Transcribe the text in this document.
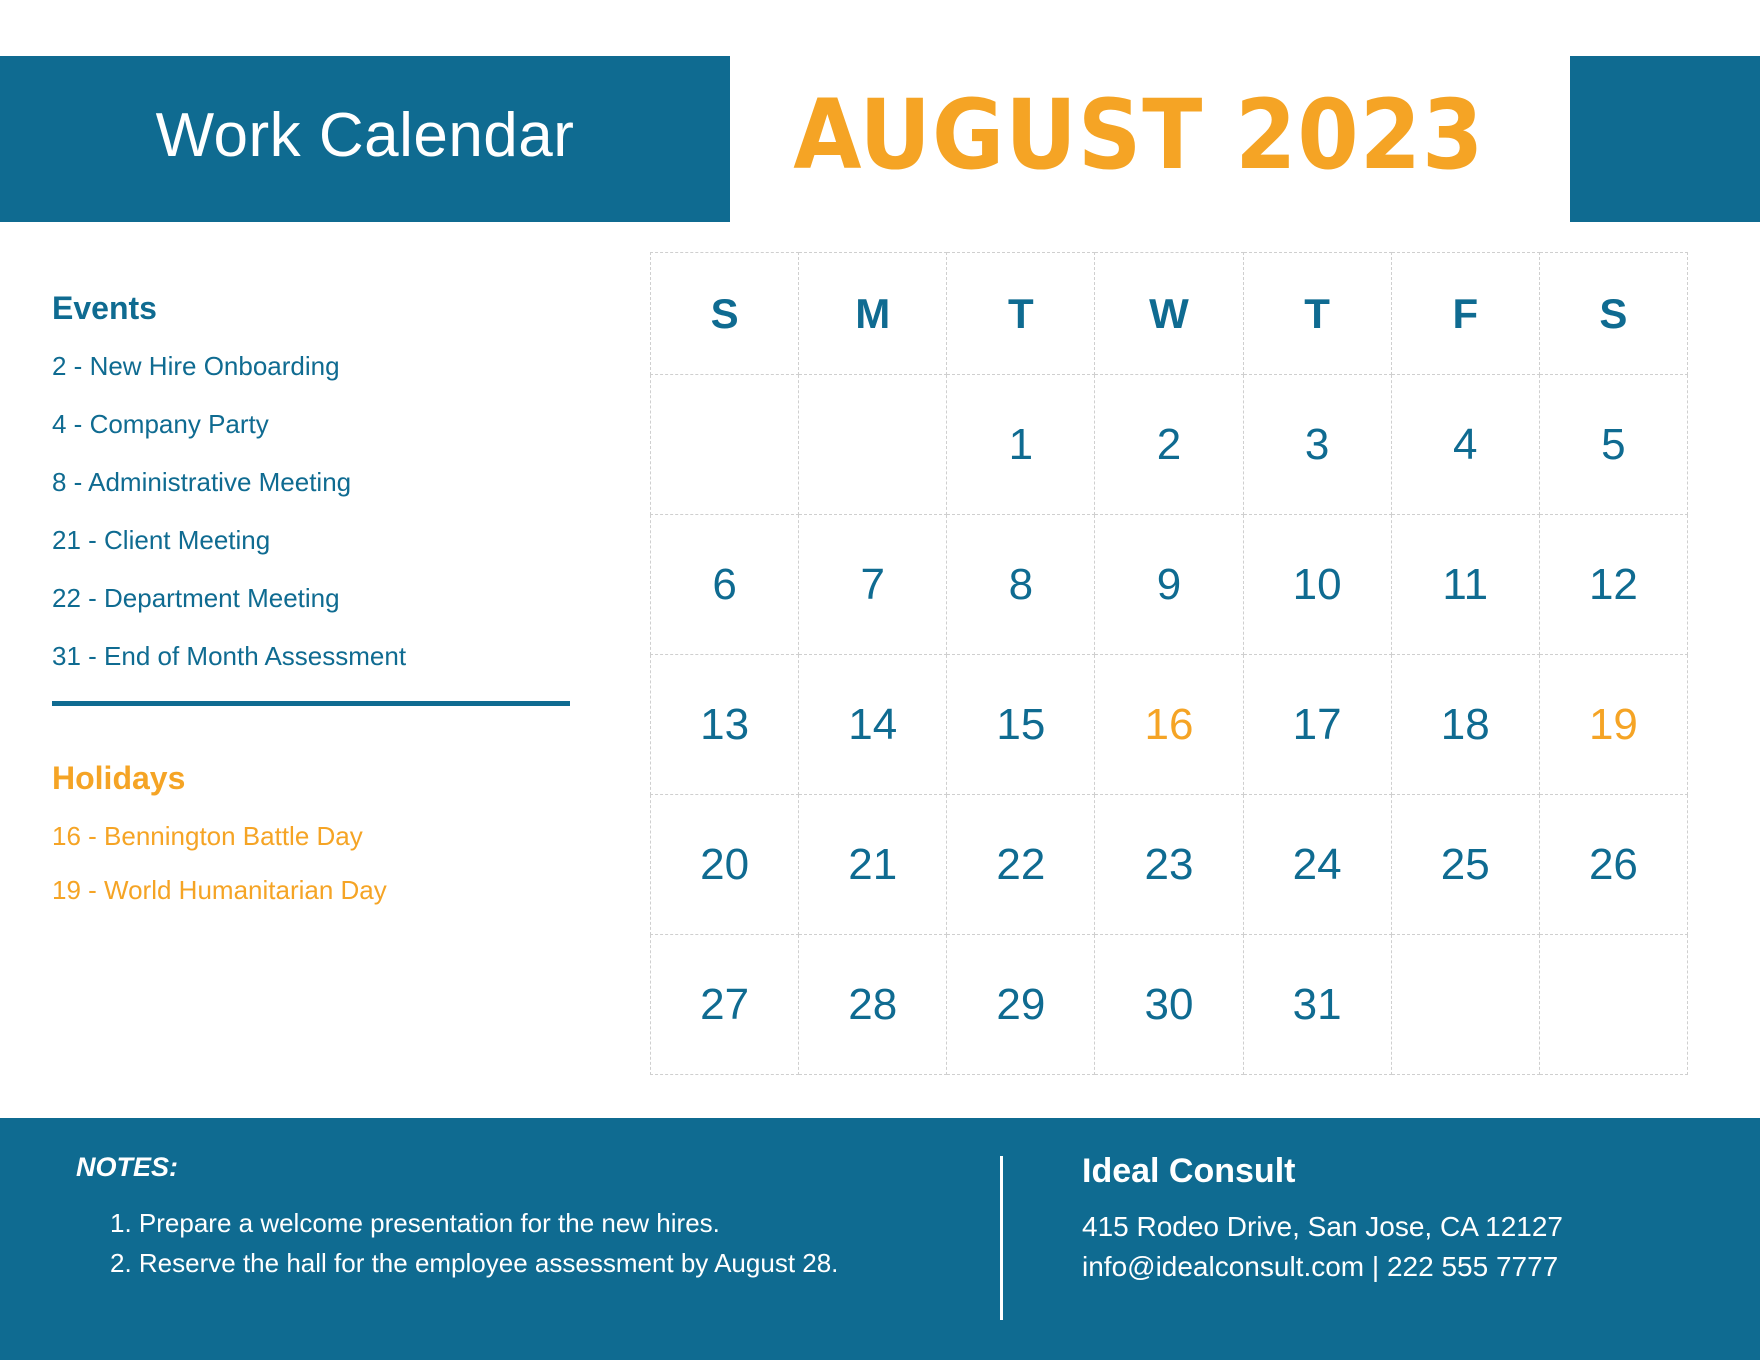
Work Calendar	AUGUST 2023
Events
2 - New Hire Onboarding
4 - Company Party
8 - Administrative Meeting
21 - Client Meeting
22 - Department Meeting
31 - End of Month Assessment
Holidays
16 - Bennington Battle Day
19 - World Humanitarian Day
S	M	T	W	T	F	S
		1	2	3	4	5
6	7	8	9	10	11	12
13	14	15	16	17	18	19
20	21	22	23	24	25	26
27	28	29	30	31		
NOTES:
1. Prepare a welcome presentation for the new hires.
2. Reserve the hall for the employee assessment by August 28.
Ideal Consult
415 Rodeo Drive, San Jose, CA 12127
info@idealconsult.com | 222 555 7777
